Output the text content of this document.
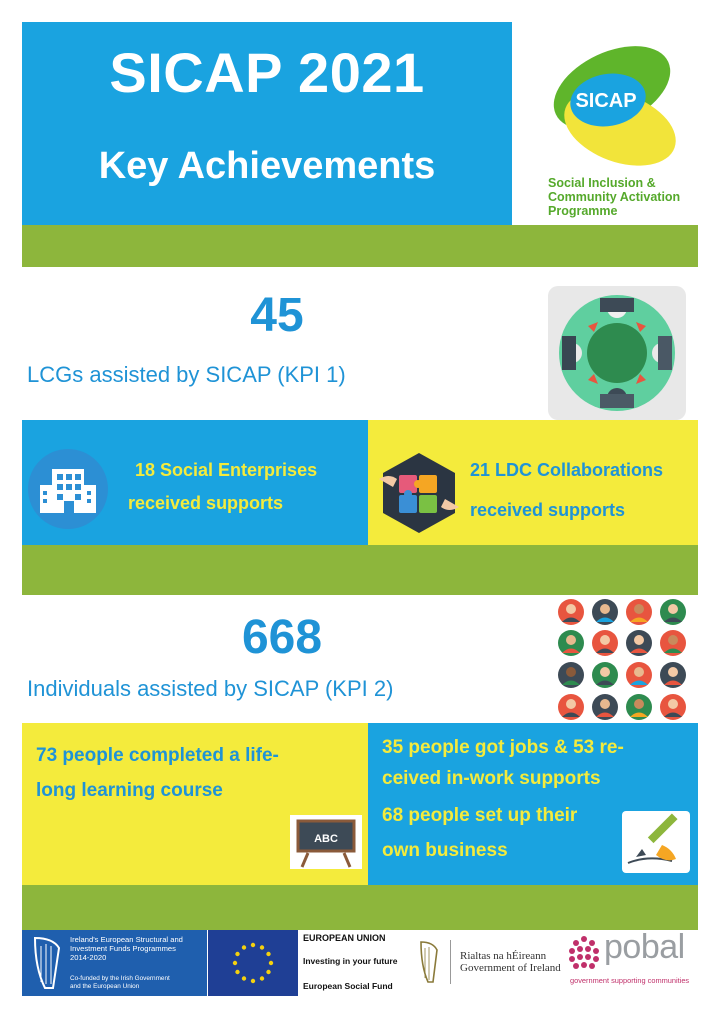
SICAP 2021
Key Achievements
SICAP
Social Inclusion &
Community Activation
Programme
45
LCGs assisted by SICAP (KPI 1)
18 Social Enterprises
received supports
21 LDC Collaborations
received supports
668
Individuals assisted by SICAP (KPI 2)
73 people completed a life-
long learning course
ABC
35 people got jobs & 53 re-
ceived in-work supports
68 people set up their
own business
Ireland's European Structural and
Investment Funds Programmes
2014-2020
Co-funded by the Irish Government
and the European Union
EUROPEAN UNION
Investing in your future
European Social Fund
Rialtas na hÉireann
Government of Ireland
pobal
government supporting communities
